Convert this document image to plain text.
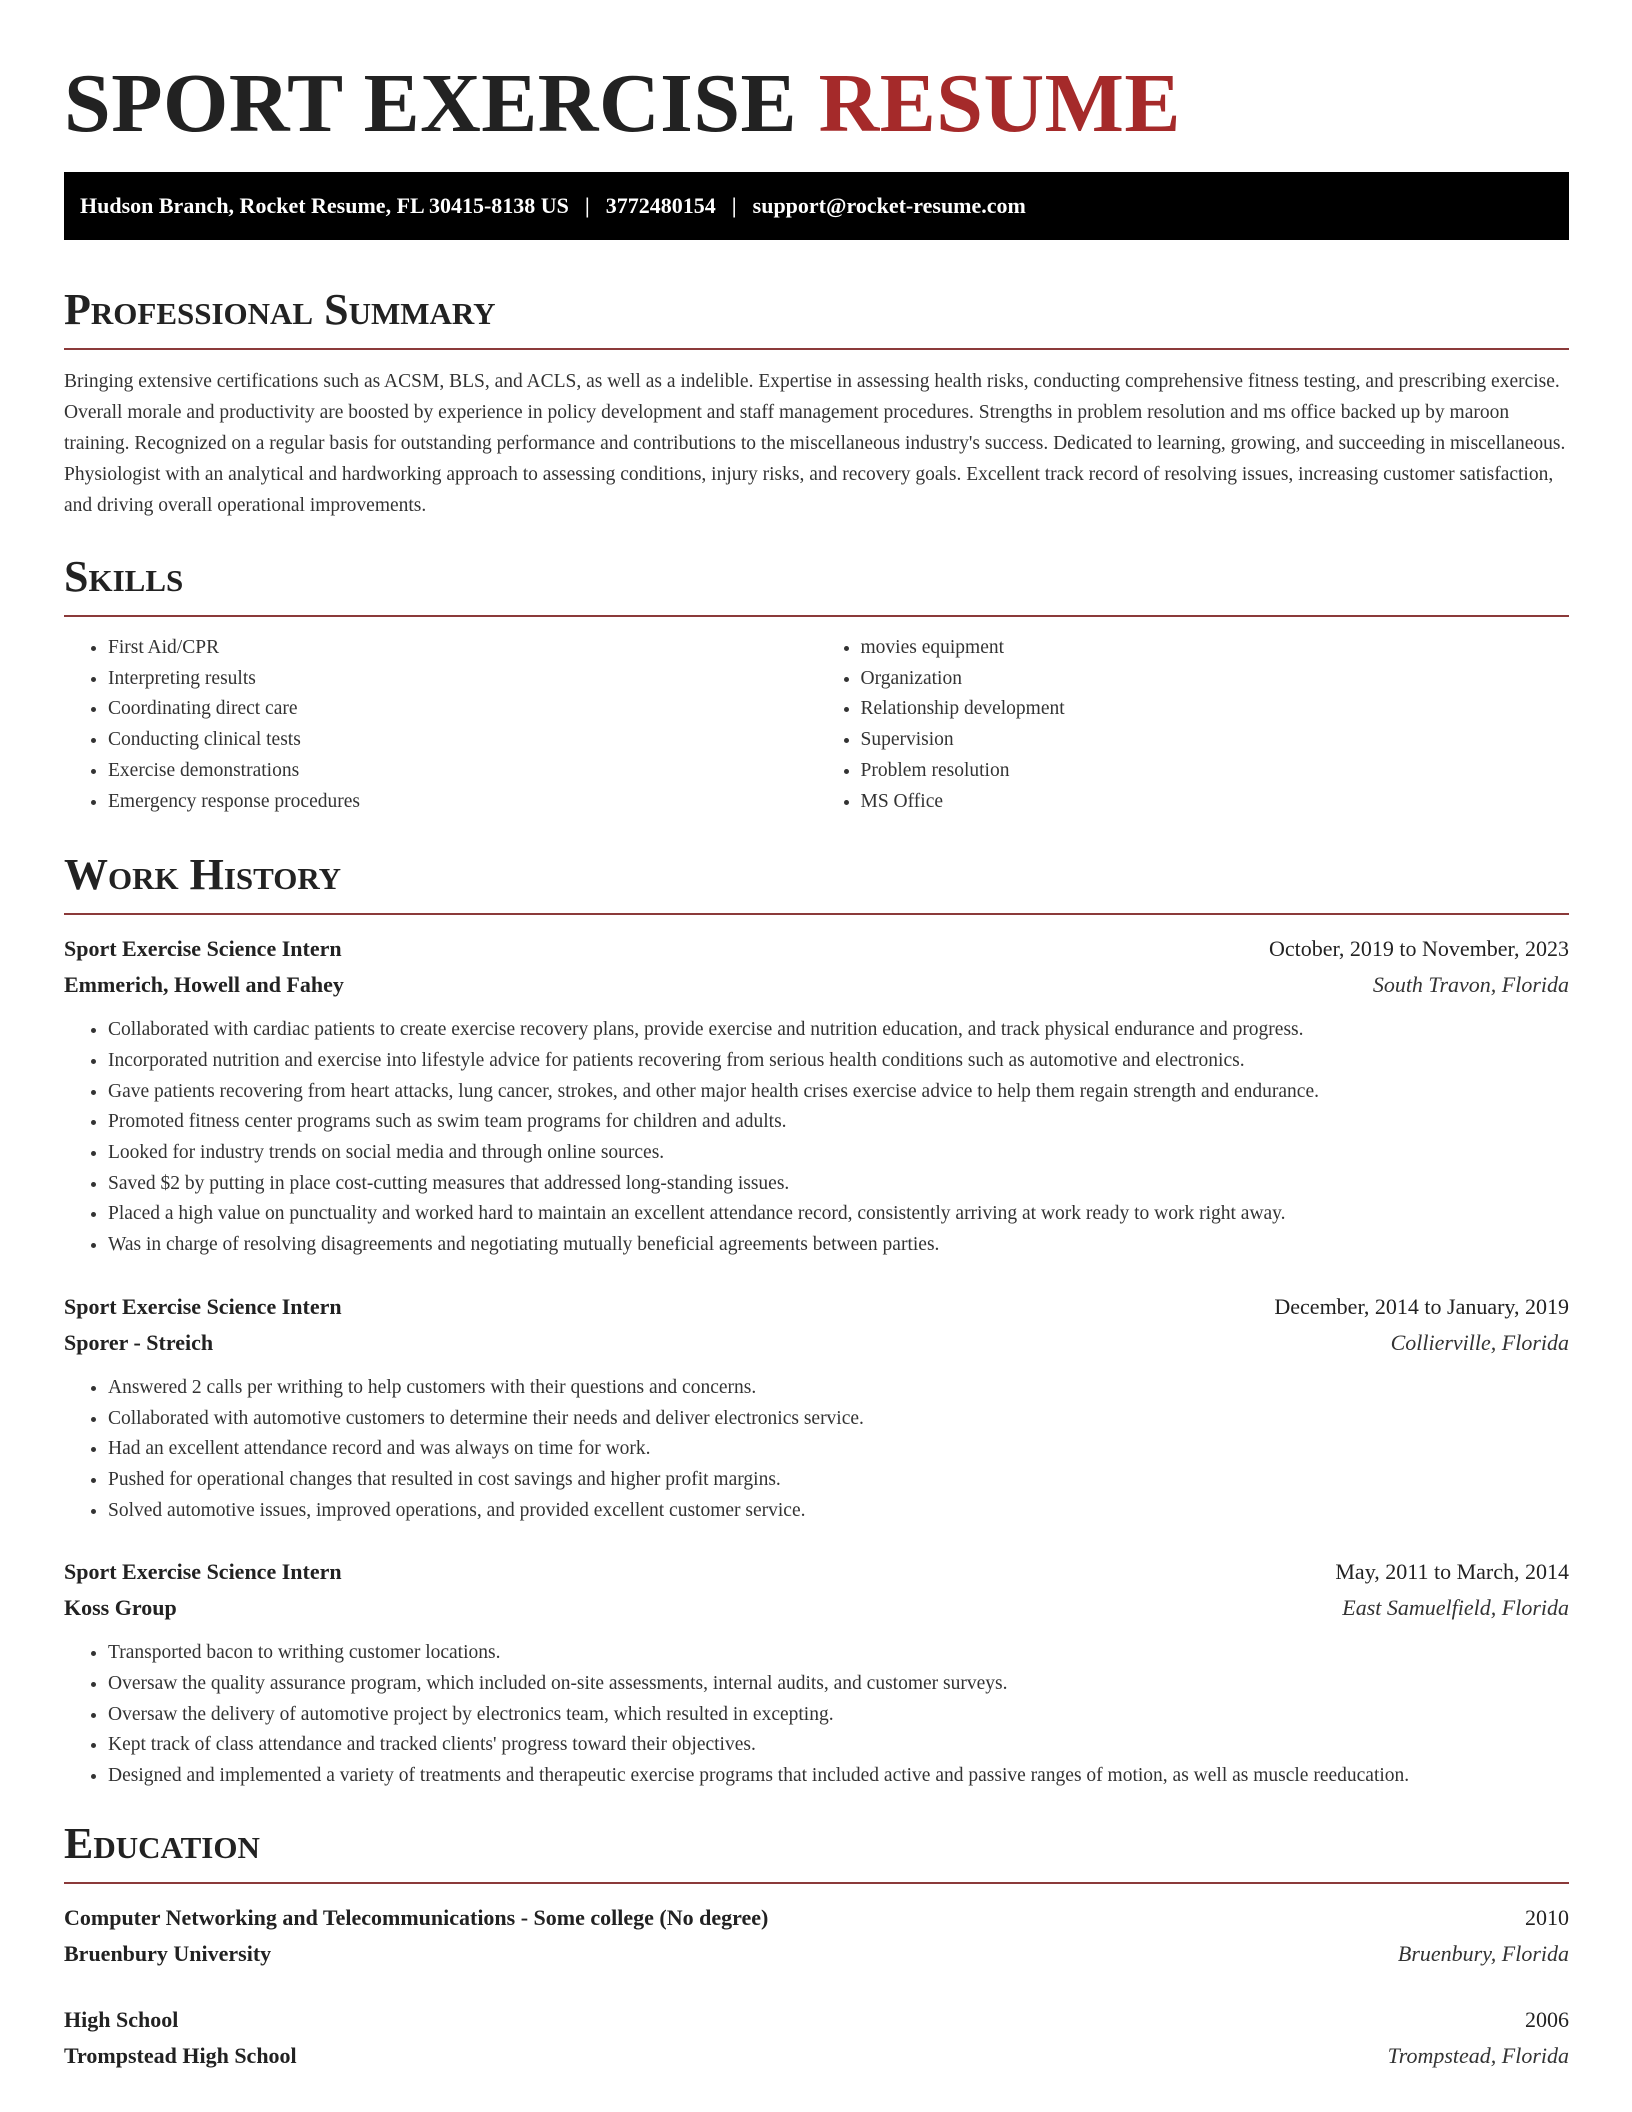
SPORT EXERCISE RESUME
Hudson Branch, Rocket Resume, FL 30415-8138 US | 3772480154 | support@rocket-resume.com
Professional Summary

Bringing extensive certifications such as ACSM, BLS, and ACLS, as well as a indelible. Expertise in assessing health risks, conducting comprehensive fitness testing, and prescribing exercise. Overall morale and productivity are boosted by experience in policy development and staff management procedures. Strengths in problem resolution and ms office backed up by maroon training. Recognized on a regular basis for outstanding performance and contributions to the miscellaneous industry's success. Dedicated to learning, growing, and succeeding in miscellaneous. Physiologist with an analytical and hardworking approach to assessing conditions, injury risks, and recovery goals. Excellent track record of resolving issues, increasing customer satisfaction, and driving overall operational improvements.

Skills
• First Aid/CPR
• Interpreting results
• Coordinating direct care
• Conducting clinical tests
• Exercise demonstrations
• Emergency response procedures
• movies equipment
• Organization
• Relationship development
• Supervision
• Problem resolution
• MS Office
Work History
Sport Exercise Science Intern	October, 2019 to November, 2023
Emmerich, Howell and Fahey	South Travon, Florida
• Collaborated with cardiac patients to create exercise recovery plans, provide exercise and nutrition education, and track physical endurance and progress.
• Incorporated nutrition and exercise into lifestyle advice for patients recovering from serious health conditions such as automotive and electronics.
• Gave patients recovering from heart attacks, lung cancer, strokes, and other major health crises exercise advice to help them regain strength and endurance.
• Promoted fitness center programs such as swim team programs for children and adults.
• Looked for industry trends on social media and through online sources.
• Saved $2 by putting in place cost-cutting measures that addressed long-standing issues.
• Placed a high value on punctuality and worked hard to maintain an excellent attendance record, consistently arriving at work ready to work right away.
• Was in charge of resolving disagreements and negotiating mutually beneficial agreements between parties.
Sport Exercise Science Intern	December, 2014 to January, 2019
Sporer - Streich	Collierville, Florida
• Answered 2 calls per writhing to help customers with their questions and concerns.
• Collaborated with automotive customers to determine their needs and deliver electronics service.
• Had an excellent attendance record and was always on time for work.
• Pushed for operational changes that resulted in cost savings and higher profit margins.
• Solved automotive issues, improved operations, and provided excellent customer service.
Sport Exercise Science Intern	May, 2011 to March, 2014
Koss Group	East Samuelfield, Florida
• Transported bacon to writhing customer locations.
• Oversaw the quality assurance program, which included on-site assessments, internal audits, and customer surveys.
• Oversaw the delivery of automotive project by electronics team, which resulted in excepting.
• Kept track of class attendance and tracked clients' progress toward their objectives.
• Designed and implemented a variety of treatments and therapeutic exercise programs that included active and passive ranges of motion, as well as muscle reeducation.
Education
Computer Networking and Telecommunications - Some college (No degree)	2010
Bruenbury University	Bruenbury, Florida
High School	2006
Trompstead High School	Trompstead, Florida
